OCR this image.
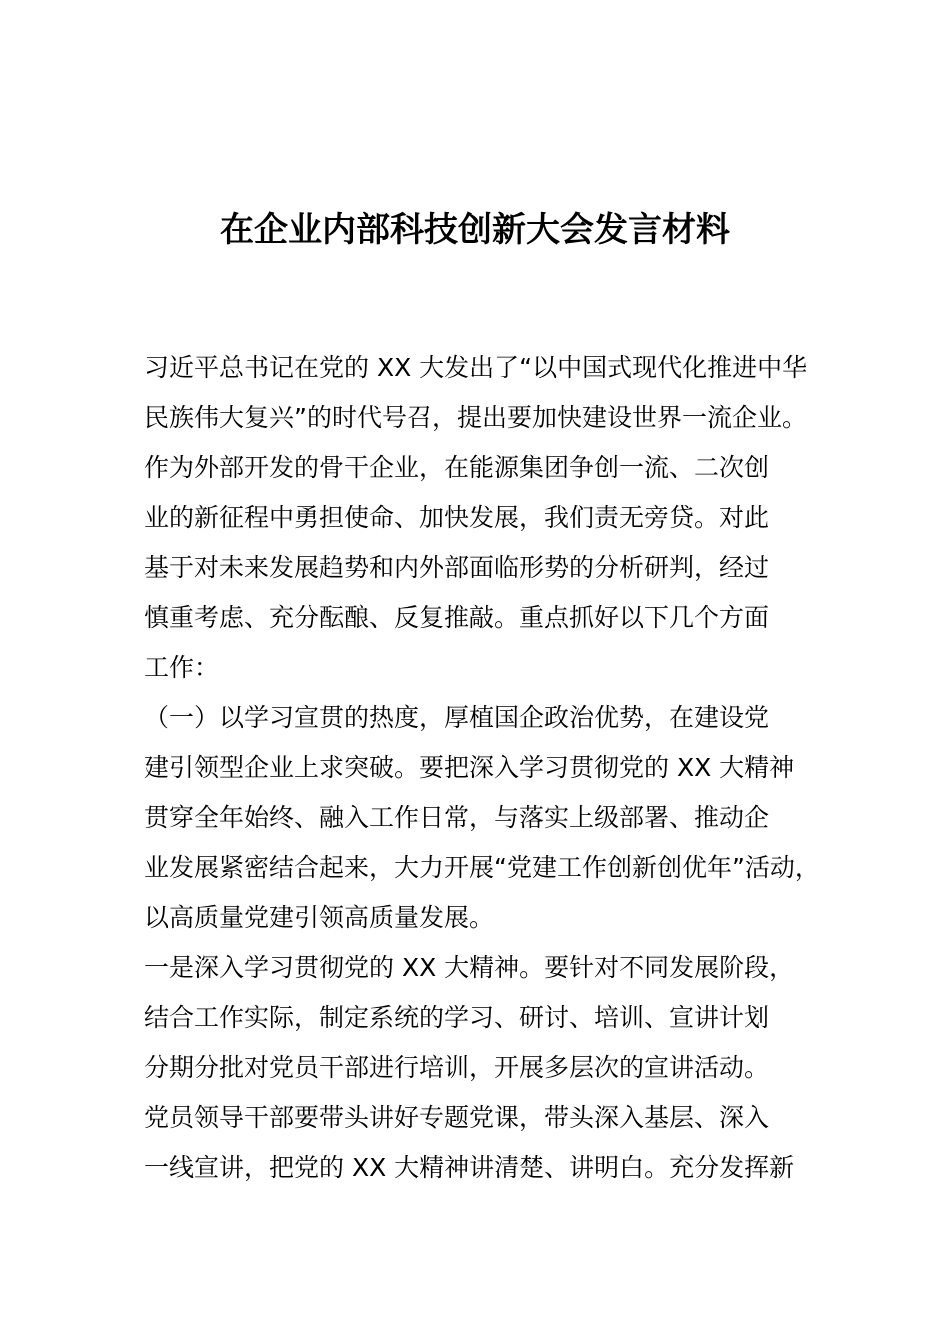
在企业内部科技创新大会发言材料
习近平总书记在党的 XX 大发出了“以中国式现代化推进中华
民族伟大复兴”的时代号召，提出要加快建设世界一流企业。
作为外部开发的骨干企业，在能源集团争创一流、二次创
业的新征程中勇担使命、加快发展，我们责无旁贷。对此
基于对未来发展趋势和内外部面临形势的分析研判，经过
慎重考虑、充分酝酿、反复推敲。重点抓好以下几个方面
工作：
（一）以学习宣贯的热度，厚植国企政治优势，在建设党
建引领型企业上求突破。要把深入学习贯彻党的 XX 大精神
贯穿全年始终、融入工作日常，与落实上级部署、推动企
业发展紧密结合起来，大力开展“党建工作创新创优年”活动，
以高质量党建引领高质量发展。
一是深入学习贯彻党的 XX 大精神。要针对不同发展阶段，
结合工作实际，制定系统的学习、研讨、培训、宣讲计划
分期分批对党员干部进行培训，开展多层次的宣讲活动。
党员领导干部要带头讲好专题党课，带头深入基层、深入
一线宣讲，把党的 XX 大精神讲清楚、讲明白。充分发挥新
